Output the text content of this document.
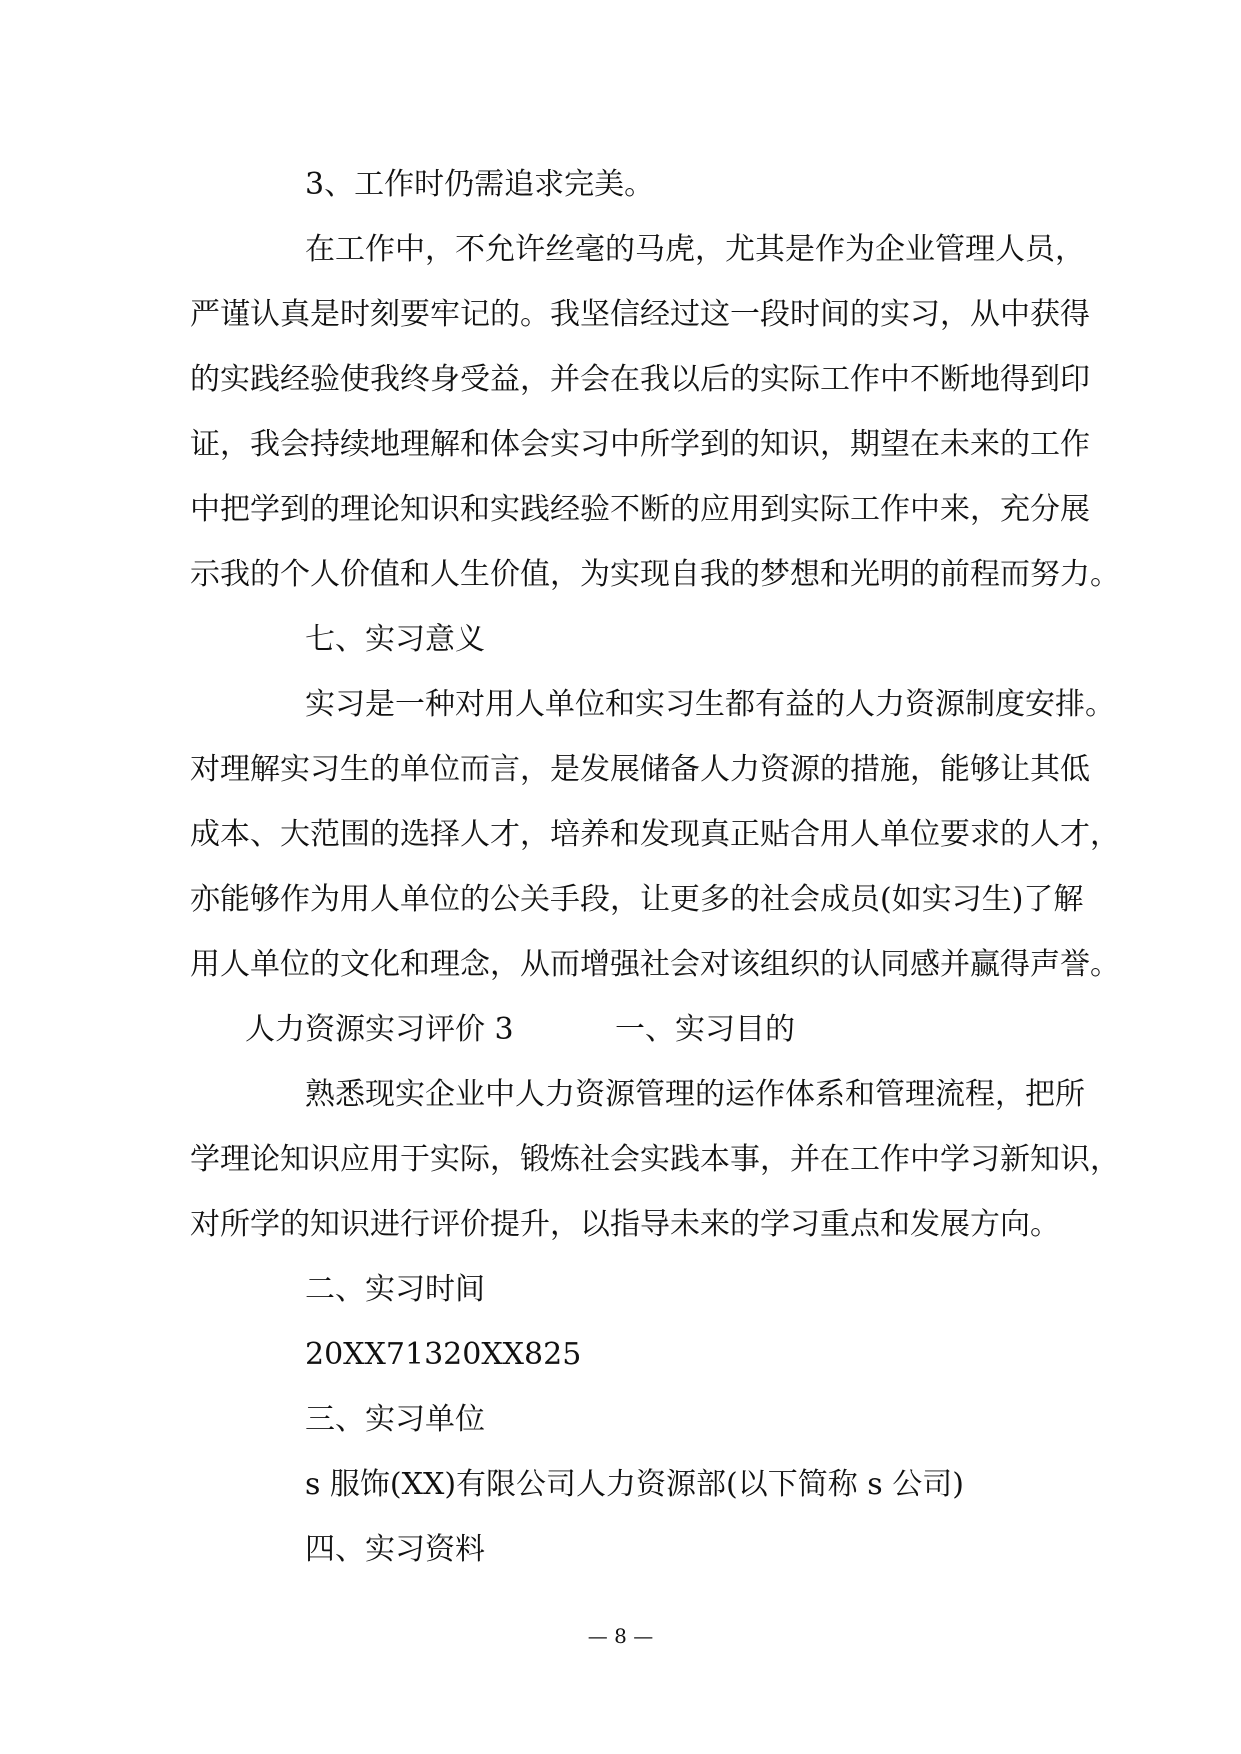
3、工作时仍需追求完美。
在工作中，不允许丝毫的马虎，尤其是作为企业管理人员，
严谨认真是时刻要牢记的。我坚信经过这一段时间的实习，从中获得
的实践经验使我终身受益，并会在我以后的实际工作中不断地得到印
证，我会持续地理解和体会实习中所学到的知识，期望在未来的工作
中把学到的理论知识和实践经验不断的应用到实际工作中来，充分展
示我的个人价值和人生价值，为实现自我的梦想和光明的前程而努力。
七、实习意义
实习是一种对用人单位和实习生都有益的人力资源制度安排。
对理解实习生的单位而言，是发展储备人力资源的措施，能够让其低
成本、大范围的选择人才，培养和发现真正贴合用人单位要求的人才，
亦能够作为用人单位的公关手段，让更多的社会成员(如实习生)了解
用人单位的文化和理念，从而增强社会对该组织的认同感并赢得声誉。
人力资源实习评价 3	一、实习目的
熟悉现实企业中人力资源管理的运作体系和管理流程，把所
学理论知识应用于实际，锻炼社会实践本事，并在工作中学习新知识，
对所学的知识进行评价提升，以指导未来的学习重点和发展方向。
二、实习时间
20XX71320XX825
三、实习单位
s 服饰(XX)有限公司人力资源部(以下简称 s 公司)
四、实习资料
— 8 —
